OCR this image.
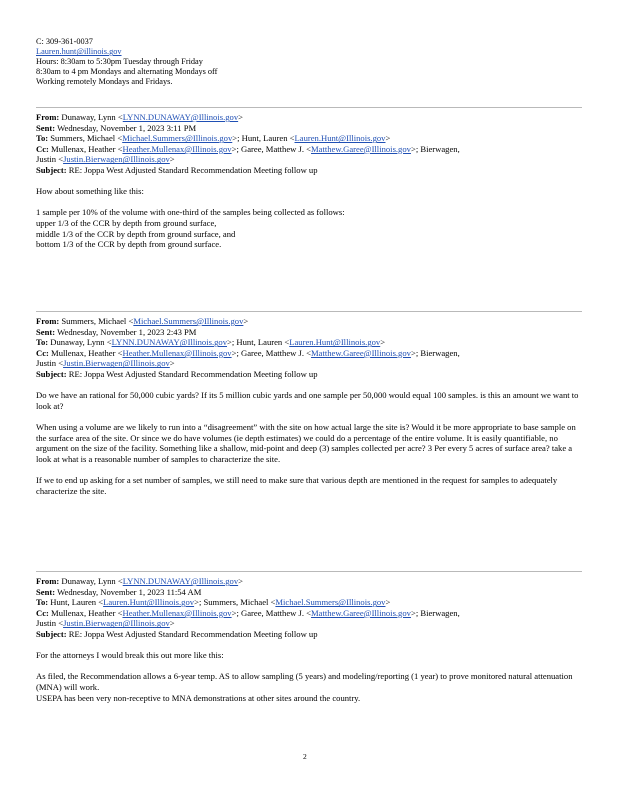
C: 309-361-0037
Lauren.hunt@illinois.gov
Hours: 8:30am to 5:30pm Tuesday through Friday
8:30am to 4 pm Mondays and alternating Mondays off
Working remotely Mondays and Fridays.
From: Dunaway, Lynn <LYNN.DUNAWAY@Illinois.gov>
Sent: Wednesday, November 1, 2023 3:11 PM
To: Summers, Michael <Michael.Summers@Illinois.gov>; Hunt, Lauren <Lauren.Hunt@Illinois.gov>
Cc: Mullenax, Heather <Heather.Mullenax@Illinois.gov>; Garee, Matthew J. <Matthew.Garee@Illinois.gov>; Bierwagen,
Justin <Justin.Bierwagen@Illinois.gov>
Subject: RE: Joppa West Adjusted Standard Recommendation Meeting follow up

How about something like this:

1 sample per 10% of the volume with one-third of the samples being collected as follows:

upper 1/3 of the CCR by depth from ground surface,

middle 1/3 of the CCR by depth from ground surface, and

bottom 1/3 of the CCR by depth from ground surface.

From: Summers, Michael <Michael.Summers@Illinois.gov>
Sent: Wednesday, November 1, 2023 2:43 PM
To: Dunaway, Lynn <LYNN.DUNAWAY@Illinois.gov>; Hunt, Lauren <Lauren.Hunt@Illinois.gov>
Cc: Mullenax, Heather <Heather.Mullenax@Illinois.gov>; Garee, Matthew J. <Matthew.Garee@Illinois.gov>; Bierwagen,
Justin <Justin.Bierwagen@Illinois.gov>
Subject: RE: Joppa West Adjusted Standard Recommendation Meeting follow up

Do we have an rational for 50,000 cubic yards? If its 5 million cubic yards and one sample per 50,000 would equal 100 samples. is this an amount we want to look at?

When using a volume are we likely to run into a “disagreement” with the site on how actual large the site is? Would it be more appropriate to base sample on the surface area of the site. Or since we do have volumes (ie depth estimates) we could do a percentage of the entire volume. It is easily quantifiable, no argument on the size of the facility. Something like a shallow, mid-point and deep (3) samples collected per acre? 3 Per every 5 acres of surface area? take a look at what is a reasonable number of samples to characterize the site.

If we to end up asking for a set number of samples, we still need to make sure that various depth are mentioned in the request for samples to adequately characterize the site.

From: Dunaway, Lynn <LYNN.DUNAWAY@Illinois.gov>
Sent: Wednesday, November 1, 2023 11:54 AM
To: Hunt, Lauren <Lauren.Hunt@Illinois.gov>; Summers, Michael <Michael.Summers@Illinois.gov>
Cc: Mullenax, Heather <Heather.Mullenax@Illinois.gov>; Garee, Matthew J. <Matthew.Garee@Illinois.gov>; Bierwagen,
Justin <Justin.Bierwagen@Illinois.gov>
Subject: RE: Joppa West Adjusted Standard Recommendation Meeting follow up

For the attorneys I would break this out more like this:

As filed, the Recommendation allows a 6-year temp. AS to allow sampling (5 years) and modeling/reporting (1 year) to prove monitored natural attenuation (MNA) will work.

USEPA has been very non-receptive to MNA demonstrations at other sites around the country.

2
